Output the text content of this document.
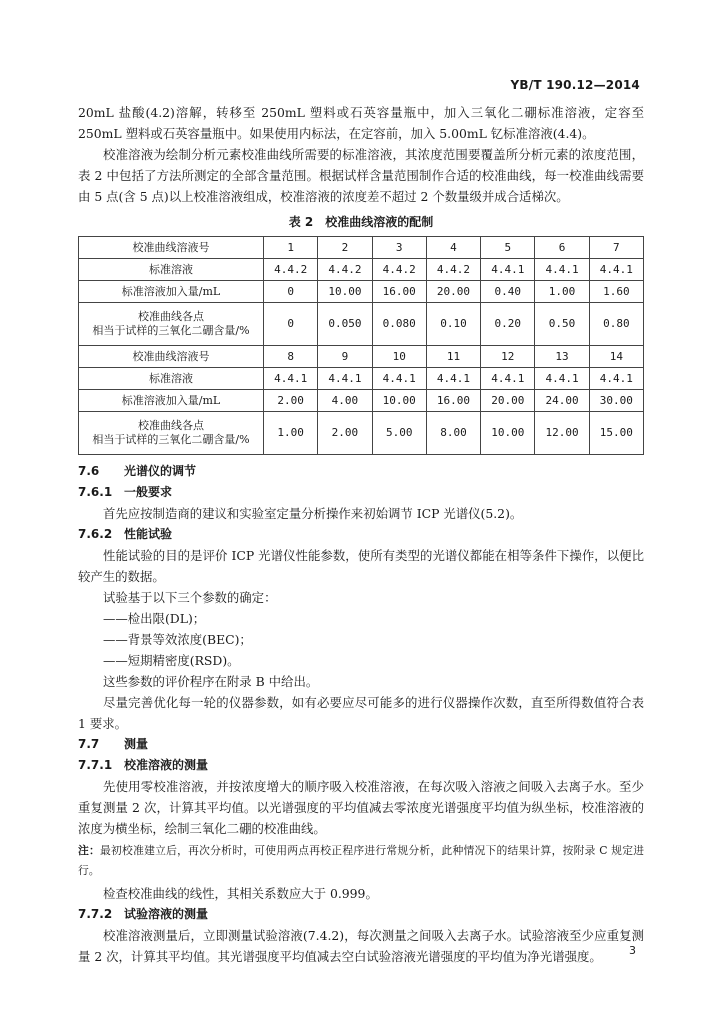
YB/T 190.12—2014

20mL 盐酸(4.2)溶解，转移至 250mL 塑料或石英容量瓶中，加入三氧化二硼标准溶液，定容至 250mL 塑料或石英容量瓶中。如果使用内标法，在定容前，加入 5.00mL 钇标准溶液(4.4)。

校准溶液为绘制分析元素校准曲线所需要的标准溶液，其浓度范围要覆盖所分析元素的浓度范围，表 2 中包括了方法所测定的全部含量范围。根据试样含量范围制作合适的校准曲线，每一校准曲线需要由 5 点(含 5 点)以上校准溶液组成，校准溶液的浓度差不超过 2 个数量级并成合适梯次。

表 2　校准曲线溶液的配制
校准曲线溶液号	1	2	3	4	5	6	7
标准溶液	4.4.2	4.4.2	4.4.2	4.4.2	4.4.1	4.4.1	4.4.1
标准溶液加入量/mL	0	10.00	16.00	20.00	0.40	1.00	1.60

校准曲线各点
相当于试样的三氧化二硼含量/%	0	0.050	0.080	0.10	0.20	0.50	0.80
校准曲线溶液号	8	9	10	11	12	13	14
标准溶液	4.4.1	4.4.1	4.4.1	4.4.1	4.4.1	4.4.1	4.4.1
标准溶液加入量/mL	2.00	4.00	10.00	16.00	20.00	24.00	30.00

校准曲线各点
相当于试样的三氧化二硼含量/%	1.00	2.00	5.00	8.00	10.00	12.00	15.00
7.6 光谱仪的调节
7.6.1 一般要求

首先应按制造商的建议和实验室定量分析操作来初始调节 ICP 光谱仪(5.2)。

7.6.2 性能试验

性能试验的目的是评价 ICP 光谱仪性能参数，使所有类型的光谱仪都能在相等条件下操作，以便比较产生的数据。

试验基于以下三个参数的确定：

——检出限(DL)；
——背景等效浓度(BEC)；
——短期精密度(RSD)。

这些参数的评价程序在附录 B 中给出。

尽量完善优化每一轮的仪器参数，如有必要应尽可能多的进行仪器操作次数，直至所得数值符合表 1 要求。

7.7 测量
7.7.1 校准溶液的测量

先使用零校准溶液，并按浓度增大的顺序吸入校准溶液，在每次吸入溶液之间吸入去离子水。至少重复测量 2 次，计算其平均值。以光谱强度的平均值减去零浓度光谱强度平均值为纵坐标，校准溶液的浓度为横坐标，绘制三氧化二硼的校准曲线。

注：最初校准建立后，再次分析时，可使用两点再校正程序进行常规分析，此种情况下的结果计算，按附录 C 规定进行。

检查校准曲线的线性，其相关系数应大于 0.999。

7.7.2 试验溶液的测量

校准溶液测量后，立即测量试验溶液(7.4.2)，每次测量之间吸入去离子水。试验溶液至少应重复测量 2 次，计算其平均值。其光谱强度平均值减去空白试验溶液光谱强度的平均值为净光谱强度。	3
